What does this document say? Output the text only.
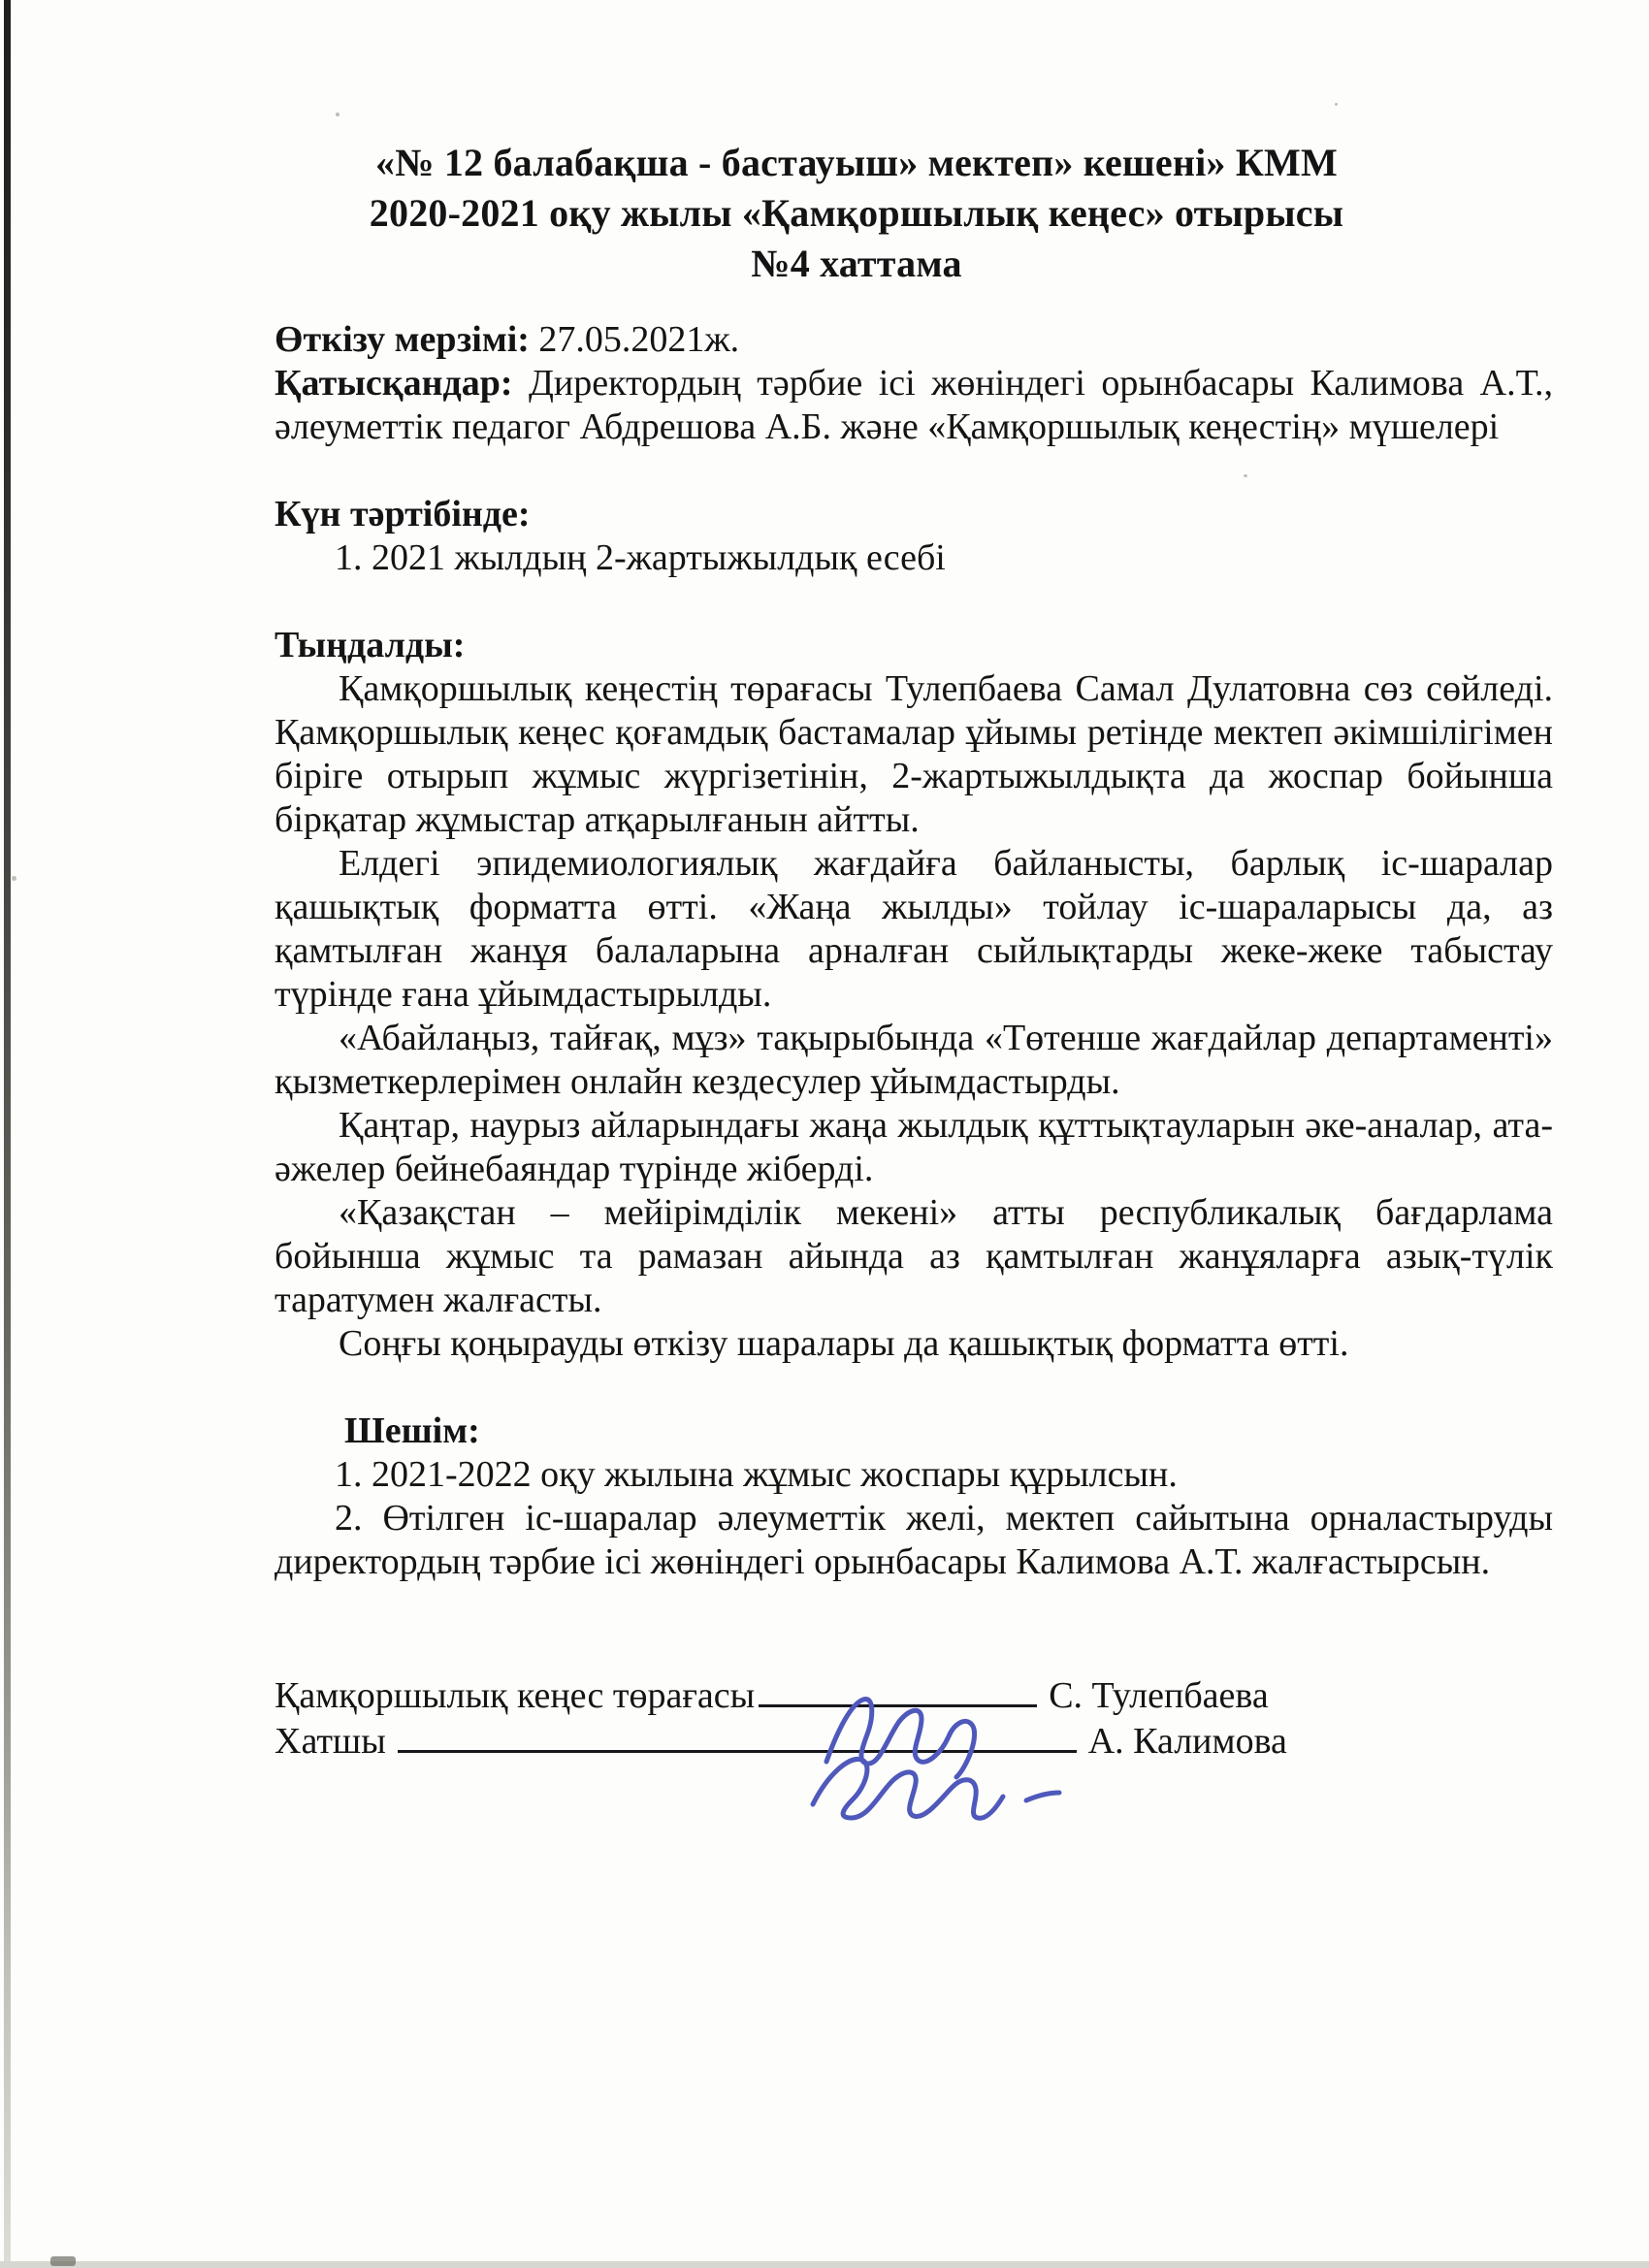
«№ 12 балабақша - бастауыш» мектеп» кешені» КММ
2020-2021 оқу жылы «Қамқоршылық кеңес» отырысы
№4 хаттама

Өткізу мерзімі: 27.05.2021ж.

Қатысқандар: Директордың тәрбие ісі жөніндегі орынбасары Калимова А.Т., әлеуметтік педагог Абдрешова А.Б. және «Қамқоршылық кеңестің» мүшелері

Күн тәртібінде:
1. 2021 жылдың 2-жартыжылдық есебі
Тыңдалды:

Қамқоршылық кеңестің төрағасы Тулепбаева Самал Дулатовна сөз сөйледі. Қамқоршылық кеңес қоғамдық бастамалар ұйымы ретінде мектеп әкімшілігімен біріге отырып жұмыс жүргізетінін, 2-жартыжылдықта да жоспар бойынша бірқатар жұмыстар атқарылғанын айтты.

Елдегі эпидемиологиялық жағдайға байланысты, барлық іс-шаралар қашықтық форматта өтті. «Жаңа жылды» тойлау іс-шараларысы да, аз қамтылған жанұя балаларына арналған сыйлықтарды жеке-жеке табыстау түрінде ғана ұйымдастырылды.

«Абайлаңыз, тайғақ, мұз» тақырыбында «Төтенше жағдайлар департаменті» қызметкерлерімен онлайн кездесулер ұйымдастырды.

Қаңтар, наурыз айларындағы жаңа жылдық құттықтауларын әке-аналар, ата-әжелер бейнебаяндар түрінде жіберді.

«Қазақстан – мейірімділік мекені» атты республикалық бағдарлама бойынша жұмыс та рамазан айында аз қамтылған жанұяларға азық-түлік таратумен жалғасты.

Соңғы қоңырауды өткізу шаралары да қашықтық форматта өтті.

Шешім:

1. 2021-2022 оқу жылына жұмыс жоспары құрылсын.

2. Өтілген іс-шаралар әлеуметтік желі, мектеп сайытына орналастыруды директордың тәрбие ісі жөніндегі орынбасары Калимова А.Т. жалғастырсын.

Қамқоршылық кеңес төрағасы	С. Тулепбаева
Хатшы	А. Калимова
